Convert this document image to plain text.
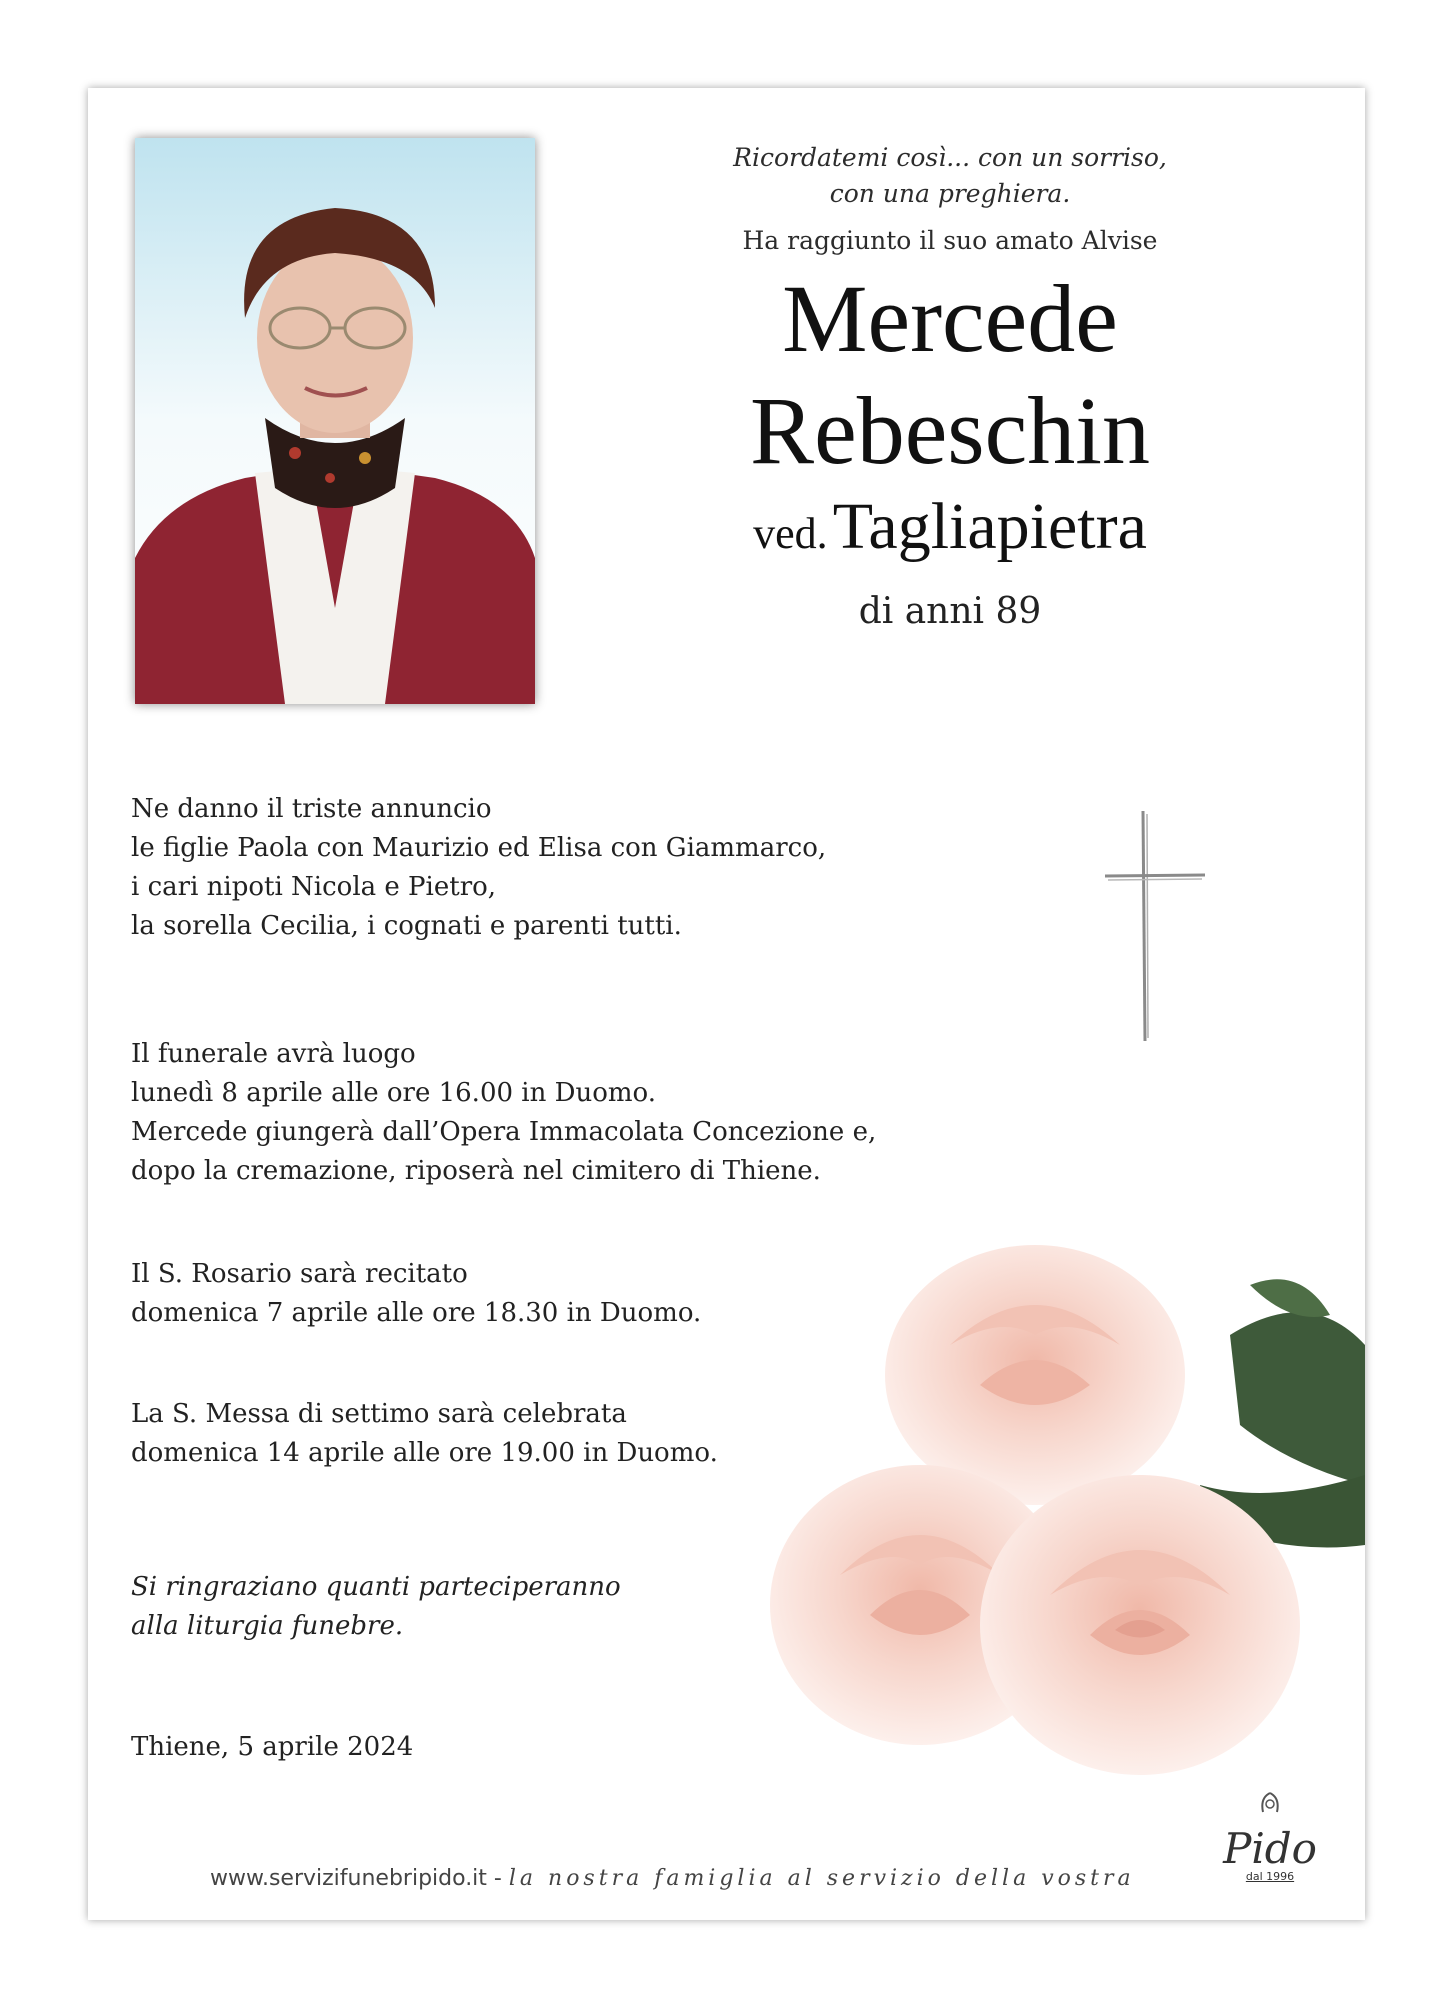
Ricordatemi così... con un sorriso,
con una preghiera.
Ha raggiunto il suo amato Alvise
Mercede
Rebeschin
ved. Tagliapietra
di anni 89
Ne danno il triste annuncio
le figlie Paola con Maurizio ed Elisa con Giammarco,
i cari nipoti Nicola e Pietro,
la sorella Cecilia, i cognati e parenti tutti.
Il funerale avrà luogo
lunedì 8 aprile alle ore 16.00 in Duomo.
Mercede giungerà dall’Opera Immacolata Concezione e,
dopo la cremazione, riposerà nel cimitero di Thiene.
Il S. Rosario sarà recitato
domenica 7 aprile alle ore 18.30 in Duomo.
La S. Messa di settimo sarà celebrata
domenica 14 aprile alle ore 19.00 in Duomo.
Si ringraziano quanti parteciperanno
alla liturgia funebre.
Thiene, 5 aprile 2024
Pido
dal 1996
www.servizifunebripido.it - la nostra famiglia al servizio della vostra
